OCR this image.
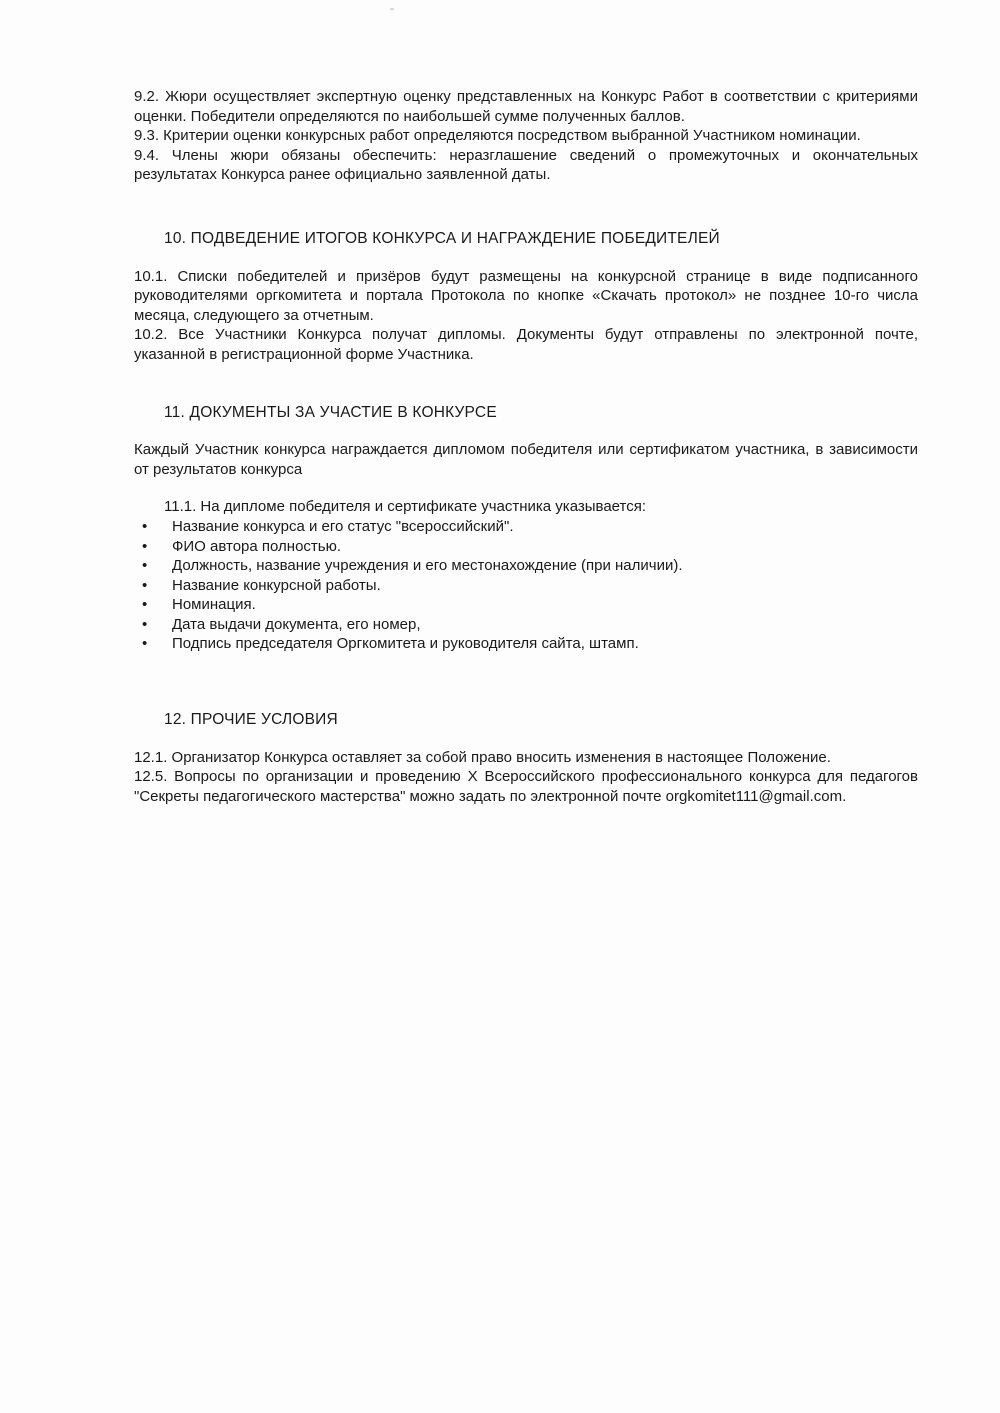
9.2. Жюри осуществляет экспертную оценку представленных на Конкурс Работ в соответствии с критериями оценки. Победители определяются по наибольшей сумме полученных баллов.

9.3. Критерии оценки конкурсных работ определяются посредством выбранной Участником номинации.

9.4. Члены жюри обязаны обеспечить: неразглашение сведений о промежуточных и окончательных результатах Конкурса ранее официально заявленной даты.

10. ПОДВЕДЕНИЕ ИТОГОВ КОНКУРСА И НАГРАЖДЕНИЕ ПОБЕДИТЕЛЕЙ

10.1. Списки победителей и призёров будут размещены на конкурсной странице в виде подписанного руководителями оргкомитета и портала Протокола по кнопке «Скачать протокол» не позднее 10-го числа месяца, следующего за отчетным.

10.2. Все Участники Конкурса получат дипломы. Документы будут отправлены по электронной почте, указанной в регистрационной форме Участника.

11. ДОКУМЕНТЫ ЗА УЧАСТИЕ В КОНКУРСЕ

Каждый Участник конкурса награждается дипломом победителя или сертификатом участника, в зависимости от результатов конкурса

11.1. На дипломе победителя и сертификате участника указывается:

• Название конкурса и его статус "всероссийский".
• ФИО автора полностью.
• Должность, название учреждения и его местонахождение (при наличии).
• Название конкурсной работы.
• Номинация.
• Дата выдачи документа, его номер,
• Подпись председателя Оргкомитета и руководителя сайта, штамп.

12. ПРОЧИЕ УСЛОВИЯ

12.1. Организатор Конкурса оставляет за собой право вносить изменения в настоящее Положение.

12.5. Вопросы по организации и проведению X Всероссийского профессионального конкурса для педагогов "Секреты педагогического мастерства" можно задать по электронной почте orgkomitet111@gmail.com.
